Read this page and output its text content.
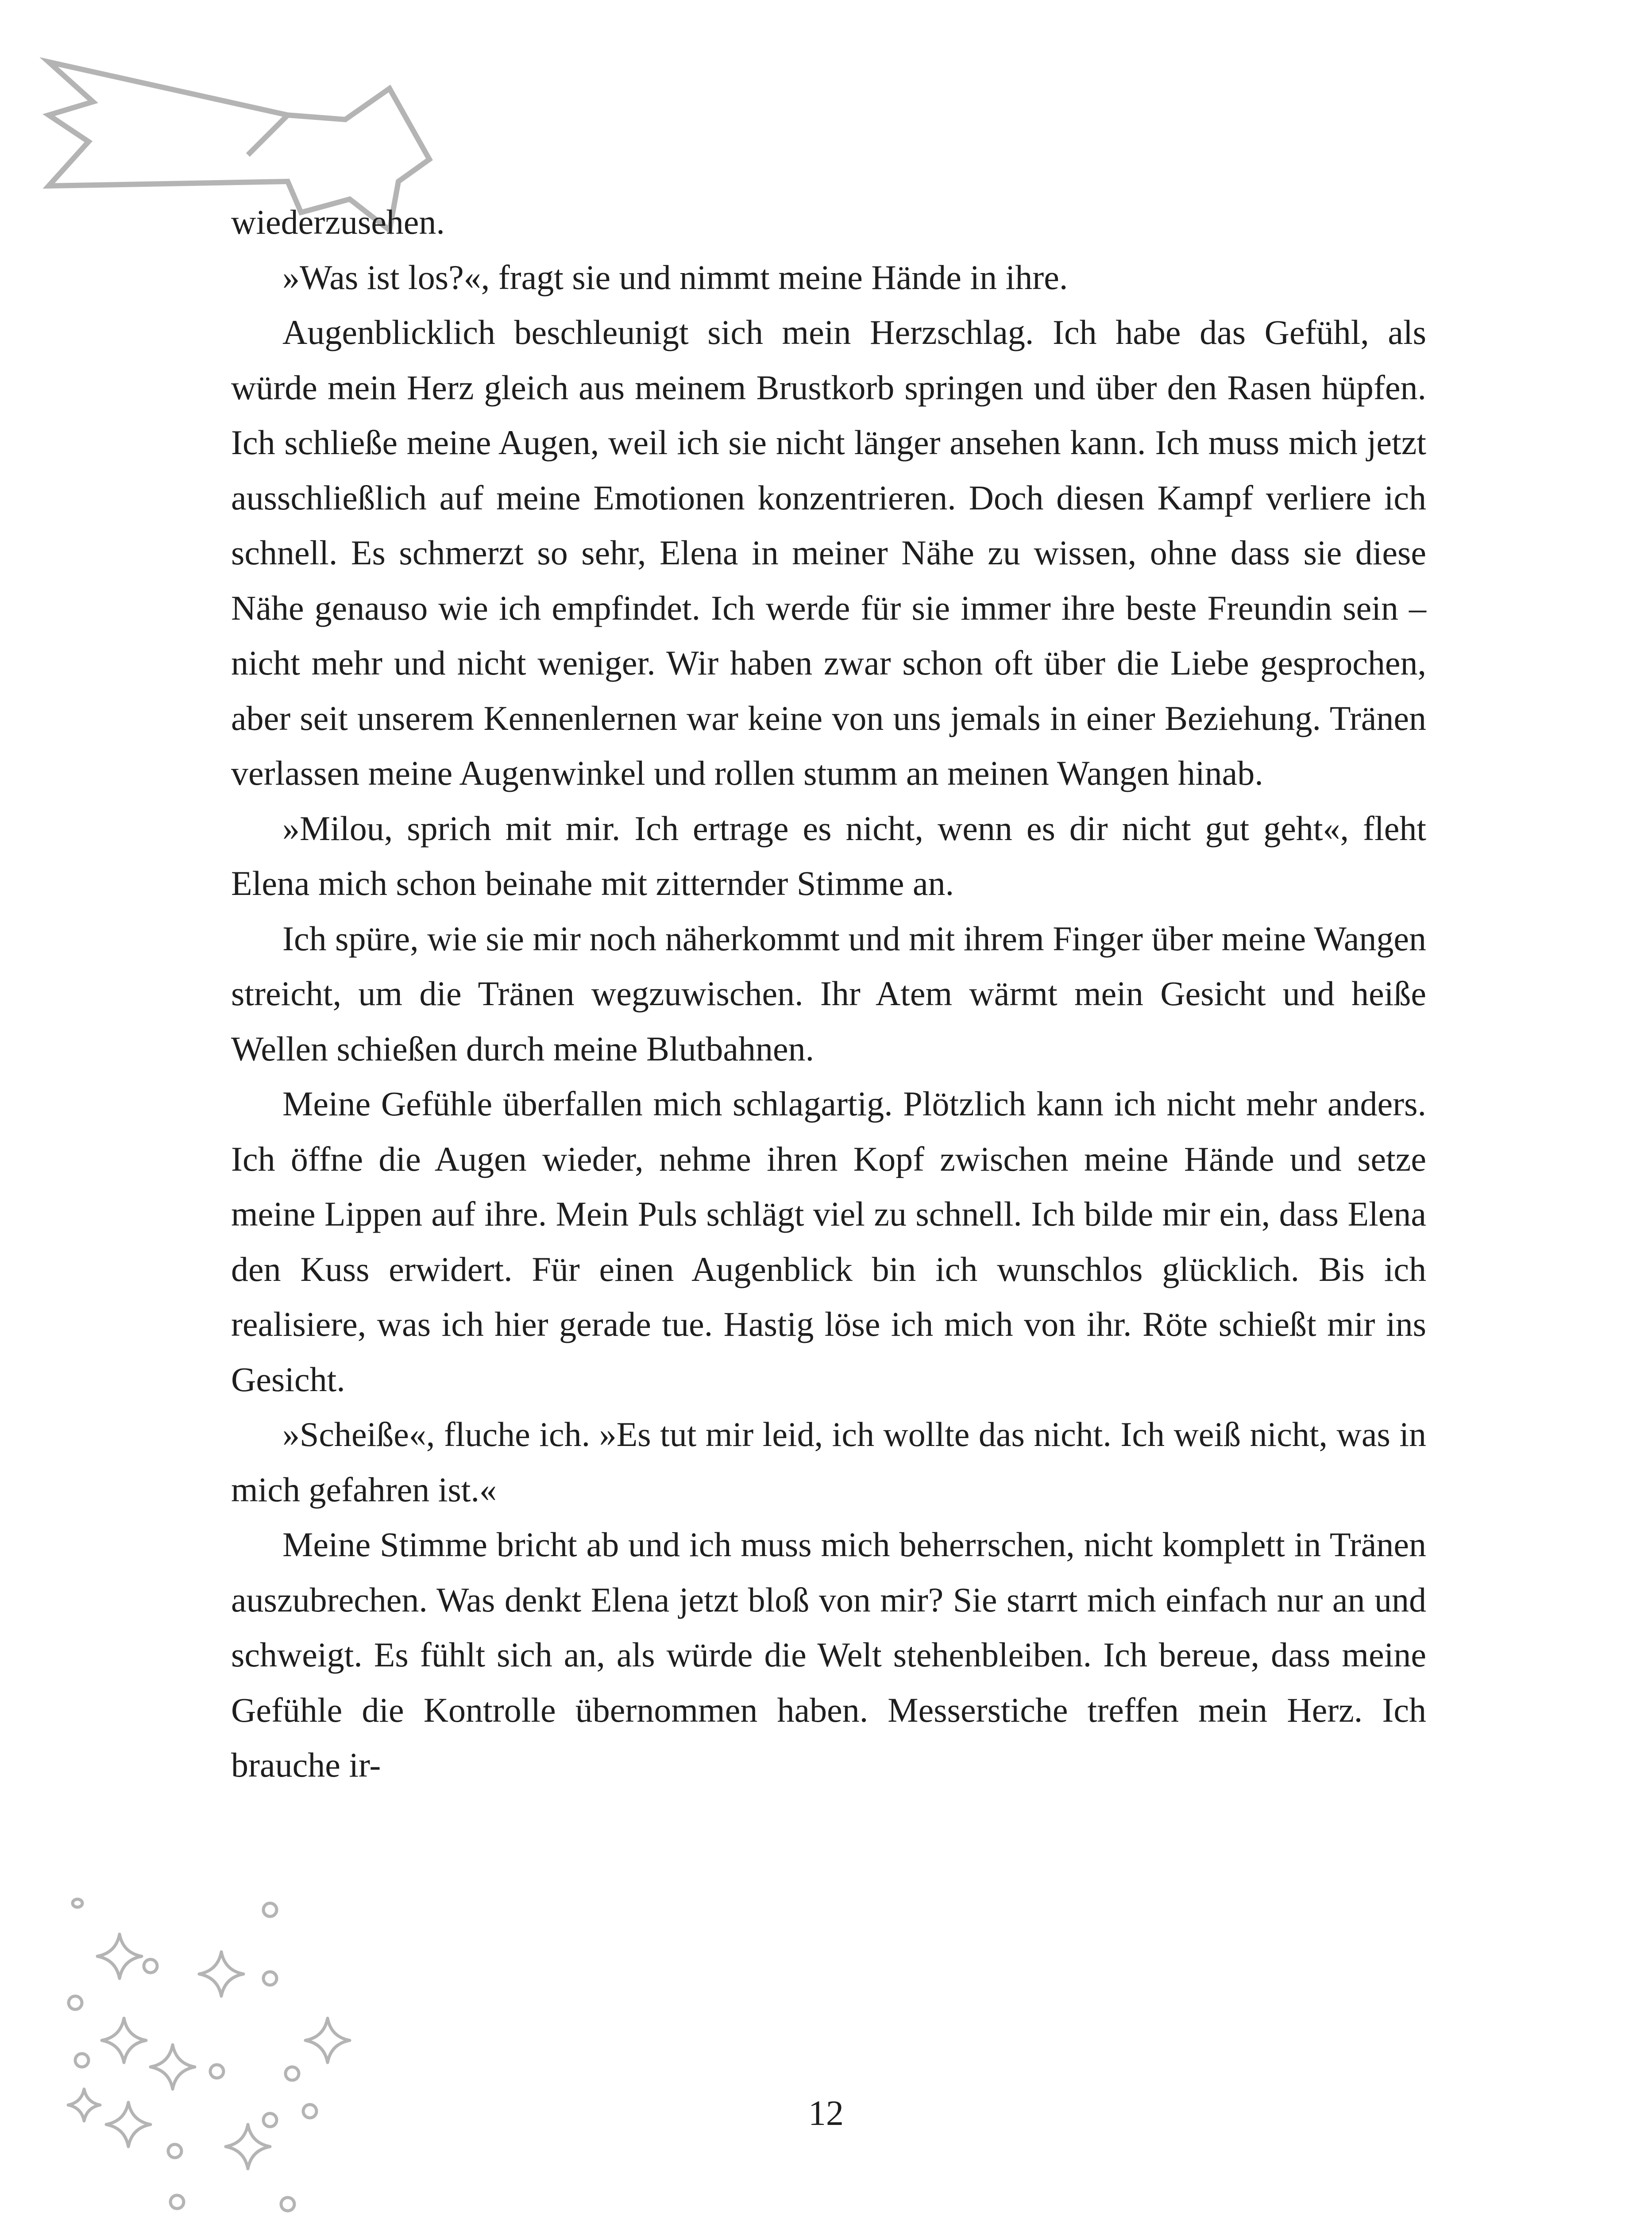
wiederzusehen.

»Was ist los?«, fragt sie und nimmt meine Hände in ihre.

Augenblicklich beschleunigt sich mein Herzschlag. Ich habe das Gefühl, als würde mein Herz gleich aus meinem Brustkorb springen und über den Rasen hüpfen. Ich schließe meine Augen, weil ich sie nicht länger ansehen kann. Ich muss mich jetzt ausschließlich auf meine Emotionen konzentrieren. Doch diesen Kampf verliere ich schnell. Es schmerzt so sehr, Elena in meiner Nähe zu wissen, ohne dass sie diese Nähe genauso wie ich empfindet. Ich werde für sie immer ihre beste Freundin sein – nicht mehr und nicht weniger. Wir haben zwar schon oft über die Liebe gesprochen, aber seit unserem Kennenlernen war keine von uns jemals in einer Beziehung. Tränen verlassen meine Augenwinkel und rollen stumm an meinen Wangen hinab.

»Milou, sprich mit mir. Ich ertrage es nicht, wenn es dir nicht gut geht«, fleht Elena mich schon beinahe mit zitternder Stimme an.

Ich spüre, wie sie mir noch näherkommt und mit ihrem Finger über meine Wangen streicht, um die Tränen wegzuwischen. Ihr Atem wärmt mein Gesicht und heiße Wellen schießen durch meine Blutbahnen.

Meine Gefühle überfallen mich schlagartig. Plötzlich kann ich nicht mehr anders. Ich öffne die Augen wieder, nehme ihren Kopf zwischen meine Hände und setze meine Lippen auf ihre. Mein Puls schlägt viel zu schnell. Ich bilde mir ein, dass Elena den Kuss erwidert. Für einen Augenblick bin ich wunschlos glücklich. Bis ich realisiere, was ich hier gerade tue. Hastig löse ich mich von ihr. Röte schießt mir ins Gesicht.

»Scheiße«, fluche ich. »Es tut mir leid, ich wollte das nicht. Ich weiß nicht, was in mich gefahren ist.«

Meine Stimme bricht ab und ich muss mich beherrschen, nicht komplett in Tränen auszubrechen. Was denkt Elena jetzt bloß von mir? Sie starrt mich einfach nur an und schweigt. Es fühlt sich an, als würde die Welt stehenbleiben. Ich bereue, dass meine Gefühle die Kontrolle übernommen haben. Messerstiche treffen mein Herz. Ich brauche ir-

12
